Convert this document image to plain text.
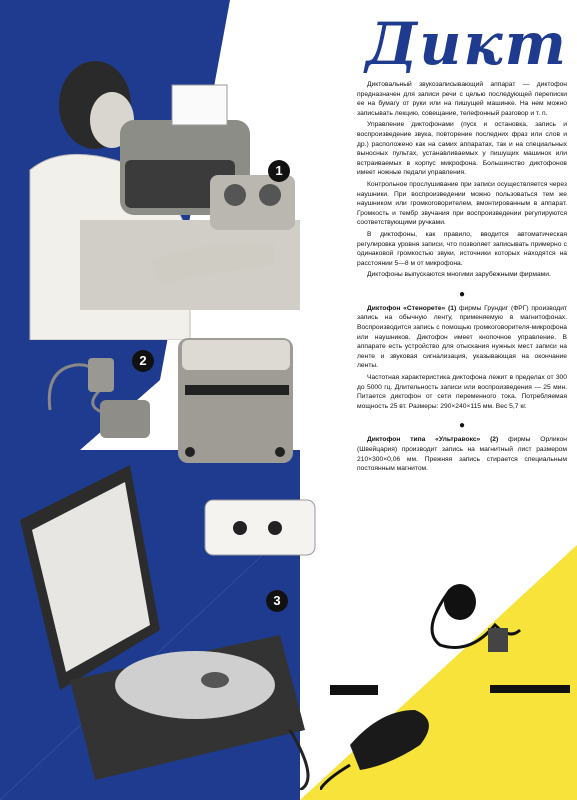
Дикт
1
2
3

Диктовальный звукозаписывающий аппарат — диктофон предназначен для записи речи с целью последующей переписки ее на бумагу от руки или на пишущей машинке. На нем можно записывать лекцию, совещание, телефонный разговор и т. п.

Управление диктофонами (пуск и остановка, запись и воспроизведение звука, повторение последних фраз или слов и др.) расположено как на самих аппаратах, так и на специальных выносных пультах, устанавливаемых у пишущих машинок или встраиваемых в корпус микрофона. Большинство диктофонов имеет ножные педали управления.

Контрольное прослушивание при записи осуществляется через наушники. При воспроизведении можно пользоваться тем же наушником или громкоговорителем, вмонтированным в аппарат. Громкость и тембр звучания при воспроизведении регулируются соответствующими ручками.

В диктофоны, как правило, вводится автоматическая регулировка уровня записи, что позволяет записывать примерно с одинаковой громкостью звуки, источники которых находятся на расстоянии 5—8 м от микрофона.

Диктофоны выпускаются многими зарубежными фирмами.

●

Диктофон «Стенорете» (1) фирмы Грундиг (ФРГ) производит запись на обычную ленту, применяемую в магнитофонах. Воспроизводится запись с помощью громкоговорителя-микрофона или наушников. Диктофон имеет кнопочное управление. В аппарате есть устройство для отыскания нужных мест записи на ленте и звуковая сигнализация, указывающая на окончание ленты.

Частотная характеристика диктофона лежит в пределах от 300 до 5000 гц. Длительность записи или воспроизведения — 25 мин. Питается диктофон от сети переменного тока. Потребляемая мощность 25 вт. Размеры: 290×240×115 мм. Вес 5,7 кг.

●

Диктофон типа «Ультравокс» (2) фирмы Орликон (Швейцария) производит запись на магнитный лист размером 210×300×0,06 мм. Прежняя запись стирается специальным постоянным магнитом.
